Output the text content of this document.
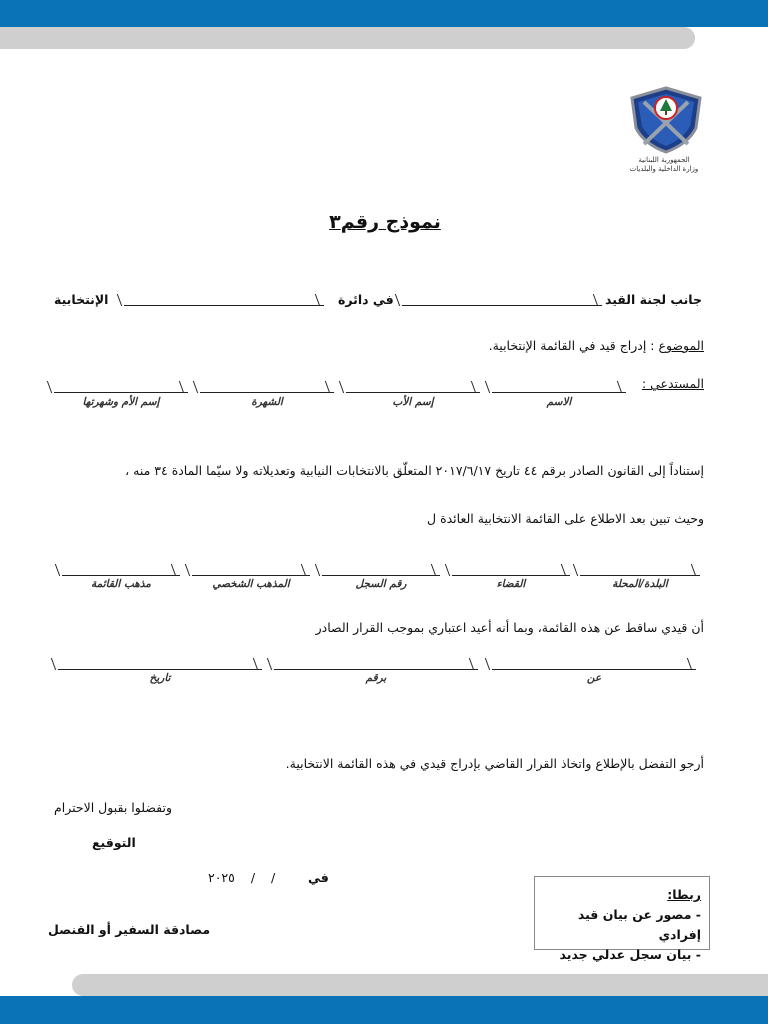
الجمهورية اللبنانية
وزارة الداخلية والبلديات
نموذج رقم٣
جانب لجنة القيد
في دائرة
الإنتخابية
الموضوع : إدراج قيد في القائمة الإنتخابية.
المستدعي :
الاسم
إسم الأب
الشهرة
إسم الأم وشهرتها
إستناداً إلى القانون الصادر برقم ٤٤ تاريخ ٢٠١٧/٦/١٧ المتعلّق بالانتخابات النيابية وتعديلاته ولا سيّما المادة ٣٤ منه ،
وحيث تبين بعد الاطلاع على القائمة الانتخابية العائدة ل
البلدة/المحلة
القضاء
رقم السجل
المذهب الشخصي
مذهب القائمة
أن قيدي ساقط عن هذه القائمة، وبما أنه أعيد اعتباري بموجب القرار الصادر
عن
برقم
تاريخ
أرجو التفضل بالإطلاع واتخاذ القرار القاضي بإدراج قيدي في هذه القائمة الانتخابية.
وتفضلوا بقبول الاحترام
التوقيع
في
/ / ٢٠٢٥
مصادقة السفير أو القنصل
ربطا:
- مصور عن بيان قيد إفرادي
- بيان سجل عدلي جديد
